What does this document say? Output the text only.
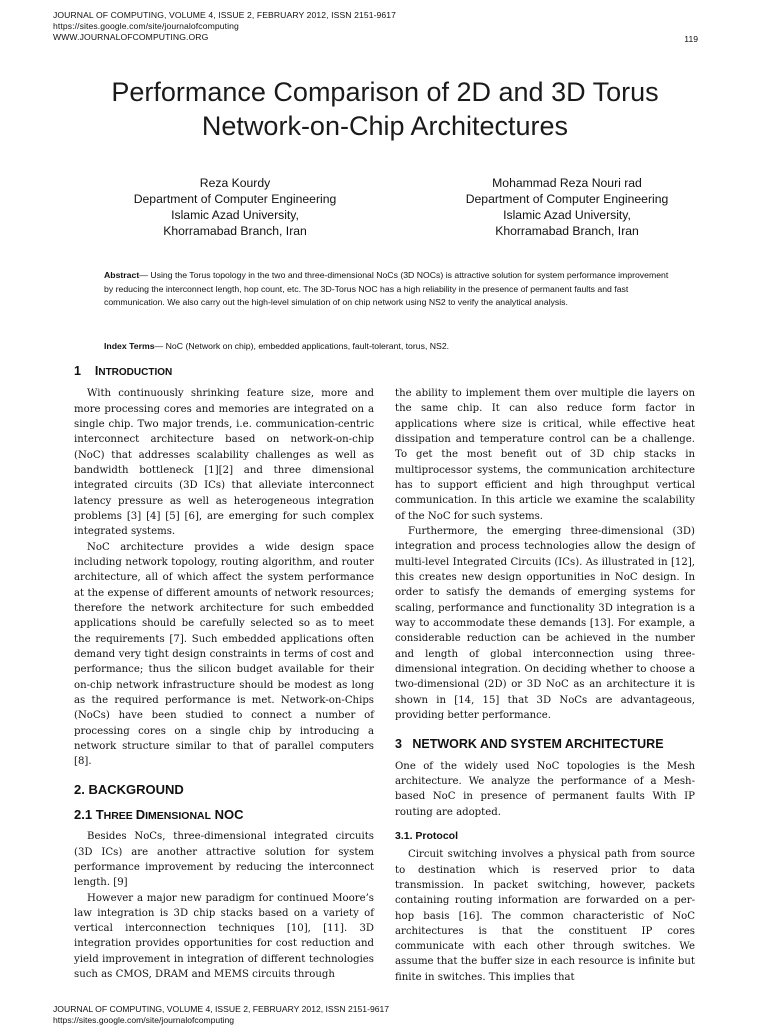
JOURNAL OF COMPUTING, VOLUME 4, ISSUE 2, FEBRUARY 2012, ISSN 2151-9617
https://sites.google.com/site/journalofcomputing
WWW.JOURNALOFCOMPUTING.ORG	119
Performance Comparison of 2D and 3D Torus
Network-on-Chip Architectures
Reza Kourdy
Department of Computer Engineering
Islamic Azad University,
Khorramabad Branch, Iran
Mohammad Reza Nouri rad
Department of Computer Engineering
Islamic Azad University,
Khorramabad Branch, Iran
Abstract— Using the Torus topology in the two and three-dimensional NoCs (3D NOCs) is attractive solution for system performance improvement by reducing the interconnect length, hop count, etc. The 3D-Torus NOC has a high reliability in the presence of permanent faults and fast communication. We also carry out the high-level simulation of on chip network using NS2 to verify the analytical analysis.
Index Terms— NoC (Network on chip), embedded applications, fault-tolerant, torus, NS2.
1 INTRODUCTION

With continuously shrinking feature size, more and more processing cores and memories are integrated on a single chip. Two major trends, i.e. communication-centric interconnect architecture based on network-on-chip (NoC) that addresses scalability challenges as well as bandwidth bottleneck [1][2] and three dimensional integrated circuits (3D ICs) that alleviate interconnect latency pressure as well as heterogeneous integration problems [3] [4] [5] [6], are emerging for such complex integrated systems.

NoC architecture provides a wide design space including network topology, routing algorithm, and router architecture, all of which affect the system performance at the expense of different amounts of network resources; therefore the network architecture for such embedded applications should be carefully selected so as to meet the requirements [7]. Such embedded applications often demand very tight design constraints in terms of cost and performance; thus the silicon budget available for their on-chip network infrastructure should be modest as long as the required performance is met. Network-on-Chips (NoCs) have been studied to connect a number of processing cores on a single chip by introducing a network structure similar to that of parallel computers [8].

2. BACKGROUND
2.1 THREE DIMENSIONAL NOC

Besides NoCs, three-dimensional integrated circuits (3D ICs) are another attractive solution for system performance improvement by reducing the interconnect length. [9]

However a major new paradigm for continued Moore’s law integration is 3D chip stacks based on a variety of vertical interconnection techniques [10], [11]. 3D integration provides opportunities for cost reduction and yield improvement in integration of different technologies such as CMOS, DRAM and MEMS circuits through

the ability to implement them over multiple die layers on the same chip. It can also reduce form factor in applications where size is critical, while effective heat dissipation and temperature control can be a challenge. To get the most benefit out of 3D chip stacks in multiprocessor systems, the communication architecture has to support efficient and high throughput vertical communication. In this article we examine the scalability of the NoC for such systems.

Furthermore, the emerging three-dimensional (3D) integration and process technologies allow the design of multi-level Integrated Circuits (ICs). As illustrated in [12], this creates new design opportunities in NoC design. In order to satisfy the demands of emerging systems for scaling, performance and functionality 3D integration is a way to accommodate these demands [13]. For example, a considerable reduction can be achieved in the number and length of global interconnection using three-dimensional integration. On deciding whether to choose a two-dimensional (2D) or 3D NoC as an architecture it is shown in [14, 15] that 3D NoCs are advantageous, providing better performance.

3 NETWORK AND SYSTEM ARCHITECTURE

One of the widely used NoC topologies is the Mesh architecture. We analyze the performance of a Mesh-based NoC in presence of permanent faults With IP routing are adopted.

3.1. Protocol

Circuit switching involves a physical path from source to destination which is reserved prior to data transmission. In packet switching, however, packets containing routing information are forwarded on a per-hop basis [16]. The common characteristic of NoC architectures is that the constituent IP cores communicate with each other through switches. We assume that the buffer size in each resource is infinite but finite in switches. This implies that

JOURNAL OF COMPUTING, VOLUME 4, ISSUE 2, FEBRUARY 2012, ISSN 2151-9617
https://sites.google.com/site/journalofcomputing
